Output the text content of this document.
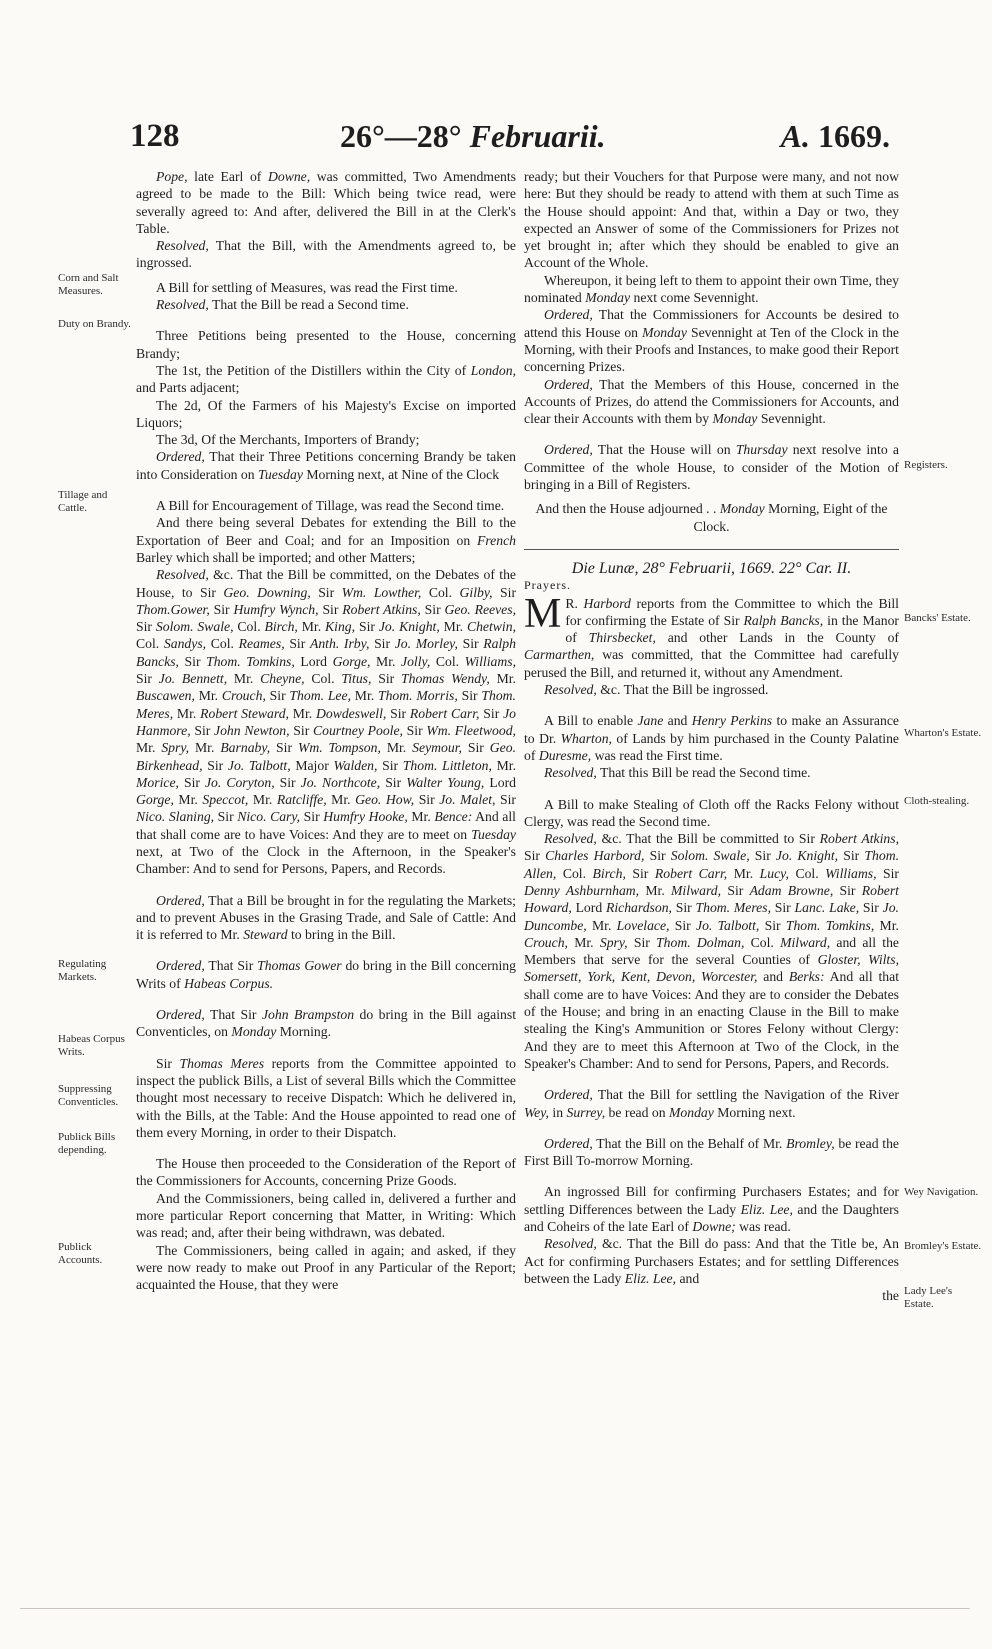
128	26°—28° Februarii.	A. 1669.
Corn and Salt Measures.
Duty on Brandy.
Tillage and Cattle.
Regulating Markets.
Habeas Corpus Writs.
Suppressing Conventicles.
Publick Bills depending.
Publick Accounts.
Registers.
Bancks' Estate.
Wharton's Estate.
Cloth-stealing.
Wey Navigation.
Bromley's Estate.
Lady Lee's Estate.

Pope, late Earl of Downe, was committed, Two Amendments agreed to be made to the Bill: Which being twice read, were severally agreed to: And after, delivered the Bill in at the Clerk's Table.

Resolved, That the Bill, with the Amendments agreed to, be ingrossed.

A Bill for settling of Measures, was read the First time.

Resolved, That the Bill be read a Second time.

Three Petitions being presented to the House, concerning Brandy;

The 1st, the Petition of the Distillers within the City of London, and Parts adjacent;

The 2d, Of the Farmers of his Majesty's Excise on imported Liquors;

The 3d, Of the Merchants, Importers of Brandy;

Ordered, That their Three Petitions concerning Brandy be taken into Consideration on Tuesday Morning next, at Nine of the Clock

A Bill for Encouragement of Tillage, was read the Second time.

And there being several Debates for extending the Bill to the Exportation of Beer and Coal; and for an Imposition on French Barley which shall be imported; and other Matters;

Resolved, &c. That the Bill be committed, on the Debates of the House, to Sir Geo. Downing, Sir Wm. Lowther, Col. Gilby, Sir Thom.Gower, Sir Humfry Wynch, Sir Robert Atkins, Sir Geo. Reeves, Sir Solom. Swale, Col. Birch, Mr. King, Sir Jo. Knight, Mr. Chetwin, Col. Sandys, Col. Reames, Sir Anth. Irby, Sir Jo. Morley, Sir Ralph Bancks, Sir Thom. Tomkins, Lord Gorge, Mr. Jolly, Col. Williams, Sir Jo. Bennett, Mr. Cheyne, Col. Titus, Sir Thomas Wendy, Mr. Buscawen, Mr. Crouch, Sir Thom. Lee, Mr. Thom. Morris, Sir Thom. Meres, Mr. Robert Steward, Mr. Dowdeswell, Sir Robert Carr, Sir Jo Hanmore, Sir John Newton, Sir Courtney Poole, Sir Wm. Fleetwood, Mr. Spry, Mr. Barnaby, Sir Wm. Tompson, Mr. Seymour, Sir Geo. Birkenhead, Sir Jo. Talbott, Major Walden, Sir Thom. Littleton, Mr. Morice, Sir Jo. Coryton, Sir Jo. Northcote, Sir Walter Young, Lord Gorge, Mr. Speccot, Mr. Ratcliffe, Mr. Geo. How, Sir Jo. Malet, Sir Nico. Slaning, Sir Nico. Cary, Sir Humfry Hooke, Mr. Bence: And all that shall come are to have Voices: And they are to meet on Tuesday next, at Two of the Clock in the Afternoon, in the Speaker's Chamber: And to send for Persons, Papers, and Records.

Ordered, That a Bill be brought in for the regulating the Markets; and to prevent Abuses in the Grasing Trade, and Sale of Cattle: And it is referred to Mr. Steward to bring in the Bill.

Ordered, That Sir Thomas Gower do bring in the Bill concerning Writs of Habeas Corpus.

Ordered, That Sir John Brampston do bring in the Bill against Conventicles, on Monday Morning.

Sir Thomas Meres reports from the Committee appointed to inspect the publick Bills, a List of several Bills which the Committee thought most necessary to receive Dispatch: Which he delivered in, with the Bills, at the Table: And the House appointed to read one of them every Morning, in order to their Dispatch.

The House then proceeded to the Consideration of the Report of the Commissioners for Accounts, concerning Prize Goods.

And the Commissioners, being called in, delivered a further and more particular Report concerning that Matter, in Writing: Which was read; and, after their being withdrawn, was debated.

The Commissioners, being called in again; and asked, if they were now ready to make out Proof in any Particular of the Report; acquainted the House, that they were

ready; but their Vouchers for that Purpose were many, and not now here: But they should be ready to attend with them at such Time as the House should appoint: And that, within a Day or two, they expected an Answer of some of the Commissioners for Prizes not yet brought in; after which they should be enabled to give an Account of the Whole.

Whereupon, it being left to them to appoint their own Time, they nominated Monday next come Sevennight.

Ordered, That the Commissioners for Accounts be desired to attend this House on Monday Sevennight at Ten of the Clock in the Morning, with their Proofs and Instances, to make good their Report concerning Prizes.

Ordered, That the Members of this House, concerned in the Accounts of Prizes, do attend the Commissioners for Accounts, and clear their Accounts with them by Monday Sevennight.

Ordered, That the House will on Thursday next resolve into a Committee of the whole House, to consider of the Motion of bringing in a Bill of Registers.

And then the House adjourned . . Monday Morning, Eight of the Clock.

Die Lunæ, 28° Februarii, 1669. 22° Car. II.

Prayers.

M R. Harbord reports from the Committee to which the Bill for confirming the Estate of Sir Ralph Bancks, in the Manor of Thirsbecket, and other Lands in the County of Carmarthen, was committed, that the Committee had carefully perused the Bill, and returned it, without any Amendment.

Resolved, &c. That the Bill be ingrossed.

A Bill to enable Jane and Henry Perkins to make an Assurance to Dr. Wharton, of Lands by him purchased in the County Palatine of Duresme, was read the First time.

Resolved, That this Bill be read the Second time.

A Bill to make Stealing of Cloth off the Racks Felony without Clergy, was read the Second time.

Resolved, &c. That the Bill be committed to Sir Robert Atkins, Sir Charles Harbord, Sir Solom. Swale, Sir Jo. Knight, Sir Thom. Allen, Col. Birch, Sir Robert Carr, Mr. Lucy, Col. Williams, Sir Denny Ashburnham, Mr. Milward, Sir Adam Browne, Sir Robert Howard, Lord Richardson, Sir Thom. Meres, Sir Lanc. Lake, Sir Jo. Duncombe, Mr. Lovelace, Sir Jo. Talbott, Sir Thom. Tomkins, Mr. Crouch, Mr. Spry, Sir Thom. Dolman, Col. Milward, and all the Members that serve for the several Counties of Gloster, Wilts, Somersett, York, Kent, Devon, Worcester, and Berks: And all that shall come are to have Voices: And they are to consider the Debates of the House; and bring in an enacting Clause in the Bill to make stealing the King's Ammunition or Stores Felony without Clergy: And they are to meet this Afternoon at Two of the Clock, in the Speaker's Chamber: And to send for Persons, Papers, and Records.

Ordered, That the Bill for settling the Navigation of the River Wey, in Surrey, be read on Monday Morning next.

Ordered, That the Bill on the Behalf of Mr. Bromley, be read the First Bill To-morrow Morning.

An ingrossed Bill for confirming Purchasers Estates; and for settling Differences between the Lady Eliz. Lee, and the Daughters and Coheirs of the late Earl of Downe; was read.

Resolved, &c. That the Bill do pass: And that the Title be, An Act for confirming Purchasers Estates; and for settling Differences between the Lady Eliz. Lee, and

the
